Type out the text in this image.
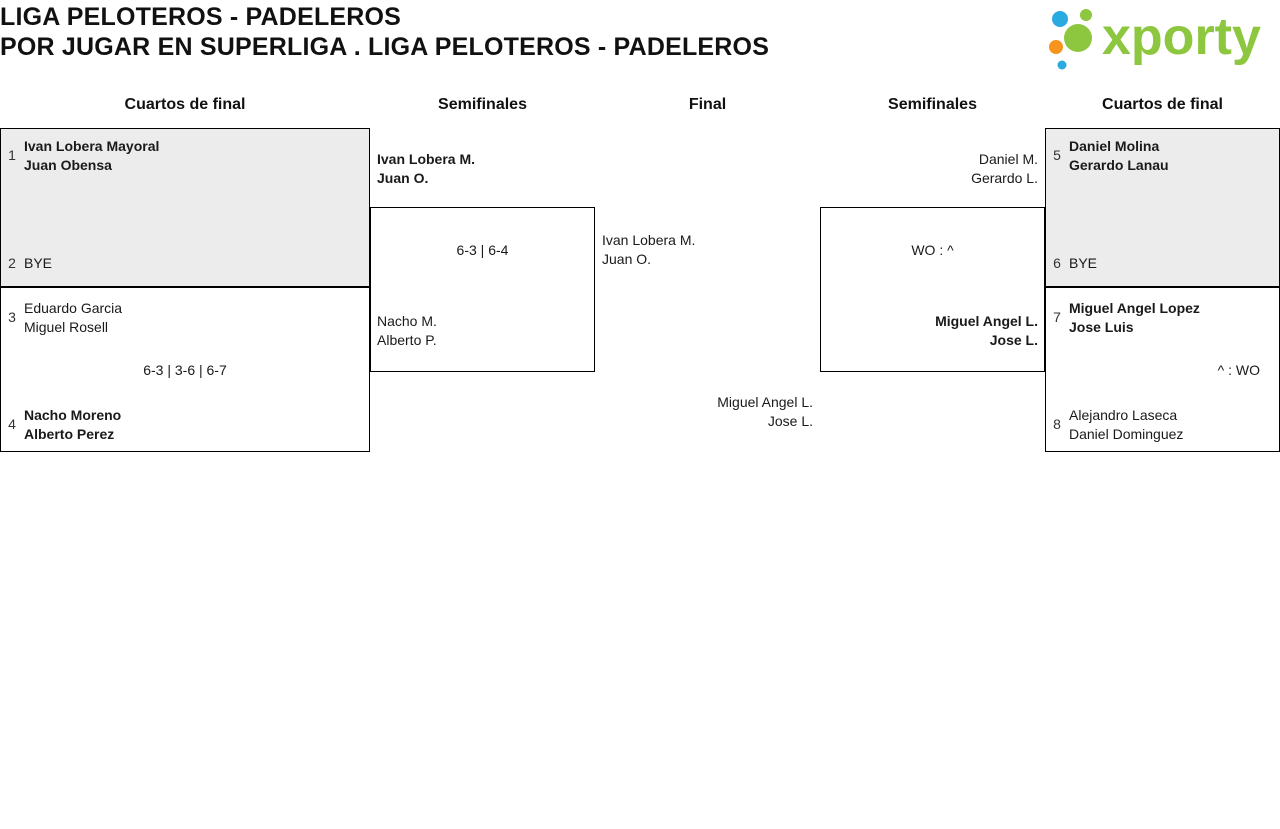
LIGA PELOTEROS - PADELEROS
POR JUGAR EN SUPERLIGA . LIGA PELOTEROS - PADELEROS	xporty
Cuartos de final	Semifinales	Final	Semifinales	Cuartos de final
1
Ivan Lobera Mayoral
Juan Obensa
2 BYE
3
Eduardo Garcia
Miguel Rosell
6-3 | 3-6 | 6-7
4
Nacho Moreno
Alberto Perez
Ivan Lobera M.
Juan O.
6-3 | 6-4
Nacho M.
Alberto P.
Ivan Lobera M.
Juan O.
Miguel Angel L.
Jose L.
Daniel M.
Gerardo L.
WO : ^
Miguel Angel L.
Jose L.
5
Daniel Molina
Gerardo Lanau
6 BYE
7
Miguel Angel Lopez
Jose Luis
^ : WO
8
Alejandro Laseca
Daniel Dominguez
